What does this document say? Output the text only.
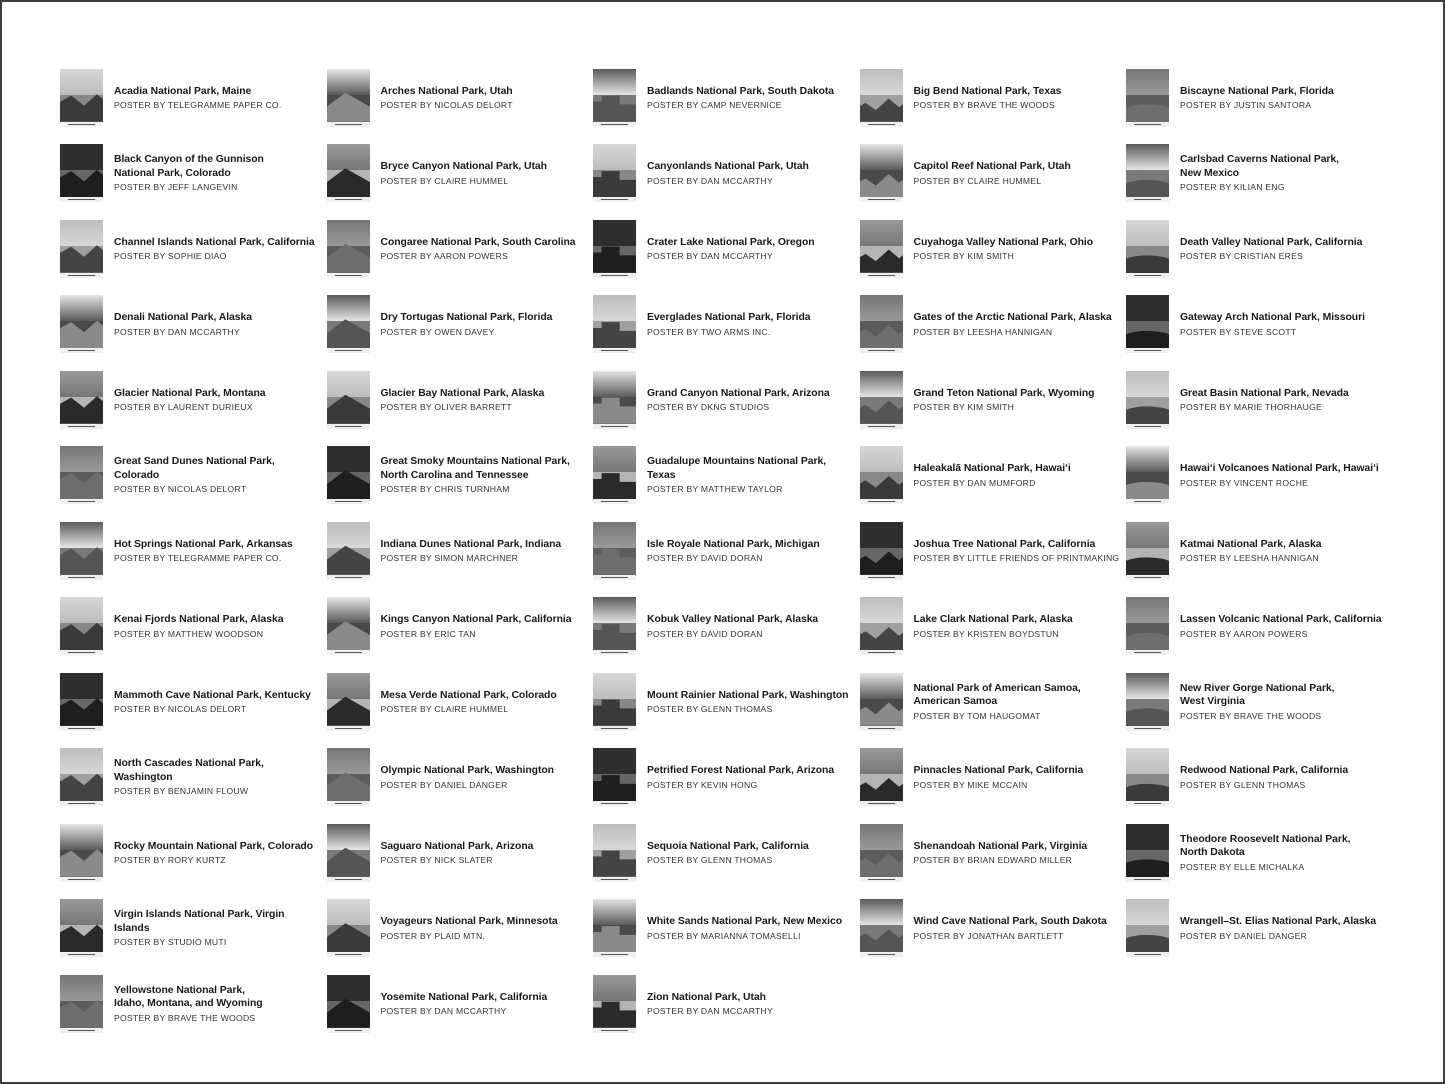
Acadia National Park, Maine
POSTER BY TELEGRAMME PAPER CO.
Arches National Park, Utah
POSTER BY NICOLAS DELORT
Badlands National Park, South Dakota
POSTER BY CAMP NEVERNICE
Big Bend National Park, Texas
POSTER BY BRAVE THE WOODS
Biscayne National Park, Florida
POSTER BY JUSTIN SANTORA
Black Canyon of the Gunnison
National Park, Colorado
POSTER BY JEFF LANGEVIN
Bryce Canyon National Park, Utah
POSTER BY CLAIRE HUMMEL
Canyonlands National Park, Utah
POSTER BY DAN MCCARTHY
Capitol Reef National Park, Utah
POSTER BY CLAIRE HUMMEL
Carlsbad Caverns National Park,
New Mexico
POSTER BY KILIAN ENG
Channel Islands National Park, California
POSTER BY SOPHIE DIAO
Congaree National Park, South Carolina
POSTER BY AARON POWERS
Crater Lake National Park, Oregon
POSTER BY DAN MCCARTHY
Cuyahoga Valley National Park, Ohio
POSTER BY KIM SMITH
Death Valley National Park, California
POSTER BY CRISTIAN ERES
Denali National Park, Alaska
POSTER BY DAN MCCARTHY
Dry Tortugas National Park, Florida
POSTER BY OWEN DAVEY
Everglades National Park, Florida
POSTER BY TWO ARMS INC.
Gates of the Arctic National Park, Alaska
POSTER BY LEESHA HANNIGAN
Gateway Arch National Park, Missouri
POSTER BY STEVE SCOTT
Glacier National Park, Montana
POSTER BY LAURENT DURIEUX
Glacier Bay National Park, Alaska
POSTER BY OLIVER BARRETT
Grand Canyon National Park, Arizona
POSTER BY DKNG STUDIOS
Grand Teton National Park, Wyoming
POSTER BY KIM SMITH
Great Basin National Park, Nevada
POSTER BY MARIE THORHAUGE
Great Sand Dunes National Park, Colorado
POSTER BY NICOLAS DELORT
Great Smoky Mountains National Park,
North Carolina and Tennessee
POSTER BY CHRIS TURNHAM
Guadalupe Mountains National Park, Texas
POSTER BY MATTHEW TAYLOR
Haleakalā National Park, Hawai‘i
POSTER BY DAN MUMFORD
Hawai‘i Volcanoes National Park, Hawai‘i
POSTER BY VINCENT ROCHE
Hot Springs National Park, Arkansas
POSTER BY TELEGRAMME PAPER CO.
Indiana Dunes National Park, Indiana
POSTER BY SIMON MARCHNER
Isle Royale National Park, Michigan
POSTER BY DAVID DORAN
Joshua Tree National Park, California
POSTER BY LITTLE FRIENDS OF PRINTMAKING
Katmai National Park, Alaska
POSTER BY LEESHA HANNIGAN
Kenai Fjords National Park, Alaska
POSTER BY MATTHEW WOODSON
Kings Canyon National Park, California
POSTER BY ERIC TAN
Kobuk Valley National Park, Alaska
POSTER BY DAVID DORAN
Lake Clark National Park, Alaska
POSTER BY KRISTEN BOYDSTUN
Lassen Volcanic National Park, California
POSTER BY AARON POWERS
Mammoth Cave National Park, Kentucky
POSTER BY NICOLAS DELORT
Mesa Verde National Park, Colorado
POSTER BY CLAIRE HUMMEL
Mount Rainier National Park, Washington
POSTER BY GLENN THOMAS
National Park of American Samoa,
American Samoa
POSTER BY TOM HAUGOMAT
New River Gorge National Park,
West Virginia
POSTER BY BRAVE THE WOODS
North Cascades National Park, Washington
POSTER BY BENJAMIN FLOUW
Olympic National Park, Washington
POSTER BY DANIEL DANGER
Petrified Forest National Park, Arizona
POSTER BY KEVIN HONG
Pinnacles National Park, California
POSTER BY MIKE MCCAIN
Redwood National Park, California
POSTER BY GLENN THOMAS
Rocky Mountain National Park, Colorado
POSTER BY RORY KURTZ
Saguaro National Park, Arizona
POSTER BY NICK SLATER
Sequoia National Park, California
POSTER BY GLENN THOMAS
Shenandoah National Park, Virginia
POSTER BY BRIAN EDWARD MILLER
Theodore Roosevelt National Park,
North Dakota
POSTER BY ELLE MICHALKA
Virgin Islands National Park, Virgin Islands
POSTER BY STUDIO MUTI
Voyageurs National Park, Minnesota
POSTER BY PLAID MTN.
White Sands National Park, New Mexico
POSTER BY MARIANNA TOMASELLI
Wind Cave National Park, South Dakota
POSTER BY JONATHAN BARTLETT
Wrangell–St. Elias National Park, Alaska
POSTER BY DANIEL DANGER
Yellowstone National Park,
Idaho, Montana, and Wyoming
POSTER BY BRAVE THE WOODS
Yosemite National Park, California
POSTER BY DAN MCCARTHY
Zion National Park, Utah
POSTER BY DAN MCCARTHY
